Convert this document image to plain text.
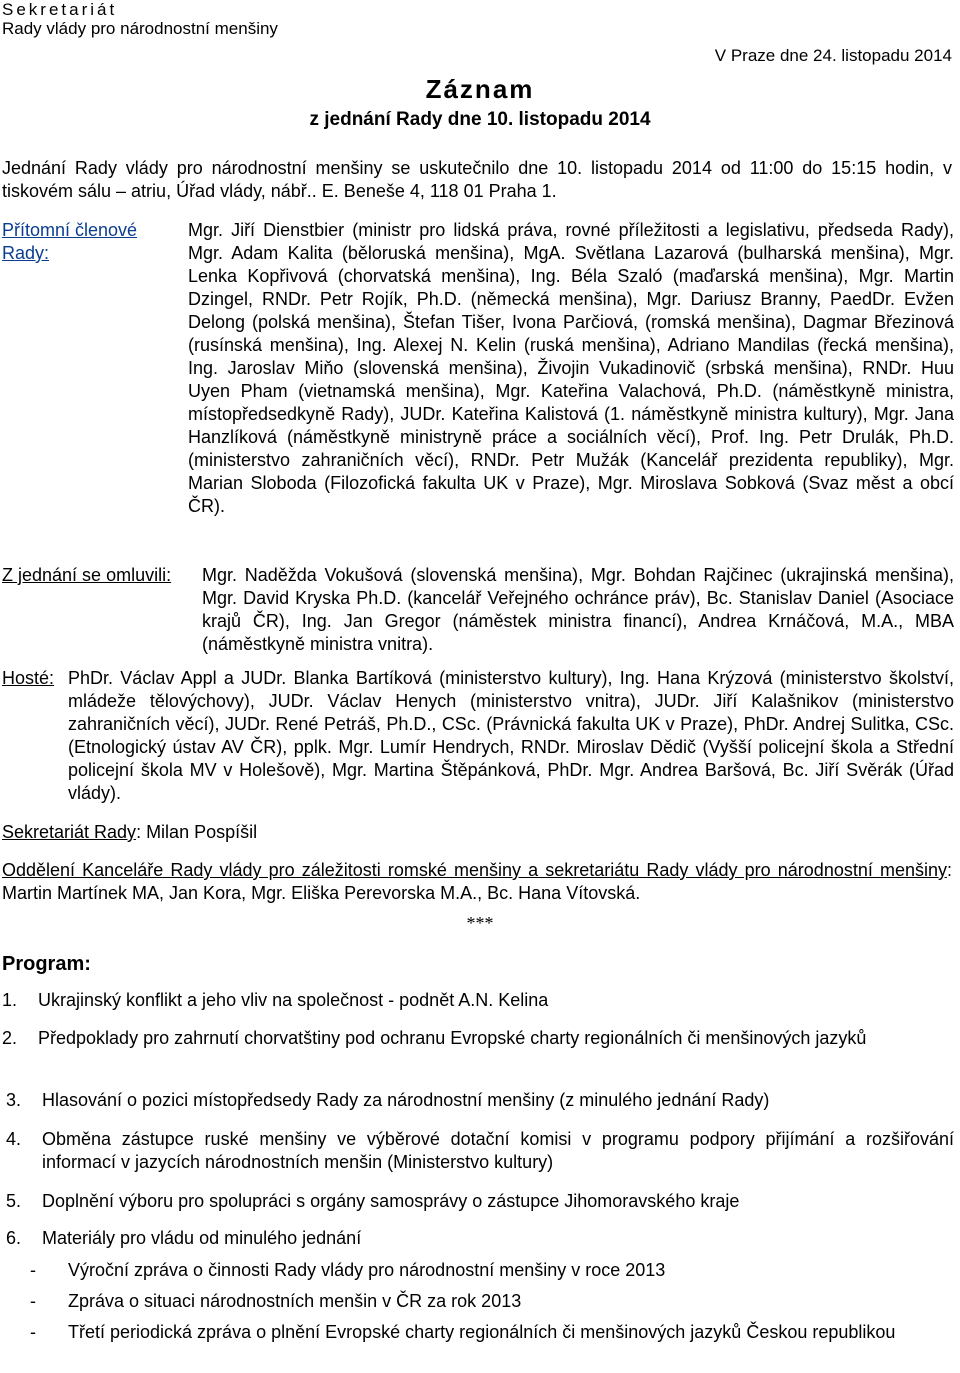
Sekretariát
Rady vlády pro národnostní menšiny
V Praze dne 24. listopadu 2014
Záznam
z jednání Rady dne 10. listopadu 2014
Jednání Rady vlády pro národnostní menšiny se uskutečnilo dne 10. listopadu 2014 od 11:00 do 15:15 hodin, v tiskovém sálu – atriu, Úřad vlády, nábř.. E. Beneše 4, 118 01 Praha 1.
Přítomní členové Rady:
Mgr. Jiří Dienstbier (ministr pro lidská práva, rovné příležitosti a legislativu, předseda Rady), Mgr. Adam Kalita (běloruská menšina), MgA. Světlana Lazarová (bulharská menšina), Mgr. Lenka Kopřivová (chorvatská menšina), Ing. Béla Szaló (maďarská menšina), Mgr. Martin Dzingel, RNDr. Petr Rojík, Ph.D. (německá menšina), Mgr. Dariusz Branny, PaedDr. Evžen Delong (polská menšina), Štefan Tišer, Ivona Parčiová, (romská menšina), Dagmar Březinová (rusínská menšina), Ing. Alexej N. Kelin (ruská menšina), Adriano Mandilas (řecká menšina), Ing. Jaroslav Miňo (slovenská menšina), Živojin Vukadinovič (srbská menšina), RNDr. Huu Uyen Pham (vietnamská menšina), Mgr. Kateřina Valachová, Ph.D. (náměstkyně ministra, místopředsedkyně Rady), JUDr. Kateřina Kalistová (1. náměstkyně ministra kultury), Mgr. Jana Hanzlíková (náměstkyně ministryně práce a sociálních věcí), Prof. Ing. Petr Drulák, Ph.D. (ministerstvo zahraničních věcí), RNDr. Petr Mužák (Kancelář prezidenta republiky), Mgr. Marian Sloboda (Filozofická fakulta UK v Praze), Mgr. Miroslava Sobková (Svaz měst a obcí ČR).
Z jednání se omluvili:	Mgr. Naděžda Vokušová (slovenská menšina), Mgr. Bohdan Rajčinec (ukrajinská menšina), Mgr. David Kryska Ph.D. (kancelář Veřejného ochránce práv), Bc. Stanislav Daniel (Asociace krajů ČR), Ing. Jan Gregor (náměstek ministra financí), Andrea Krnáčová, M.A., MBA (náměstkyně ministra vnitra).
Hosté: PhDr. Václav Appl a JUDr. Blanka Bartíková (ministerstvo kultury), Ing. Hana Krýzová (ministerstvo školství, mládeže tělovýchovy), JUDr. Václav Henych (ministerstvo vnitra), JUDr. Jiří Kalašnikov (ministerstvo zahraničních věcí), JUDr. René Petráš, Ph.D., CSc. (Právnická fakulta UK v Praze), PhDr. Andrej Sulitka, CSc. (Etnologický ústav AV ČR), pplk. Mgr. Lumír Hendrych, RNDr. Miroslav Dědič (Vyšší policejní škola a Střední policejní škola MV v Holešově), Mgr. Martina Štěpánková, PhDr. Mgr. Andrea Baršová, Bc. Jiří Svěrák (Úřad vlády).
Sekretariát Rady: Milan Pospíšil
Oddělení Kanceláře Rady vlády pro záležitosti romské menšiny a sekretariátu Rady vlády pro národnostní menšiny: Martin Martínek MA, Jan Kora, Mgr. Eliška Perevorska M.A., Bc. Hana Vítovská.
***
Program:
1.	Ukrajinský konflikt a jeho vliv na společnost - podnět A.N. Kelina
2.	Předpoklady pro zahrnutí chorvatštiny pod ochranu Evropské charty regionálních či menšinových jazyků
3.	Hlasování o pozici místopředsedy Rady za národnostní menšiny (z minulého jednání Rady)
4.	Obměna zástupce ruské menšiny ve výběrové dotační komisi v programu podpory přijímání a rozšiřování informací v jazycích národnostních menšin (Ministerstvo kultury)
5.	Doplnění výboru pro spolupráci s orgány samosprávy o zástupce Jihomoravského kraje
6.	Materiály pro vládu od minulého jednání
-	Výroční zpráva o činnosti Rady vlády pro národnostní menšiny v roce 2013
-	Zpráva o situaci národnostních menšin v ČR za rok 2013
-	Třetí periodická zpráva o plnění Evropské charty regionálních či menšinových jazyků Českou republikou
